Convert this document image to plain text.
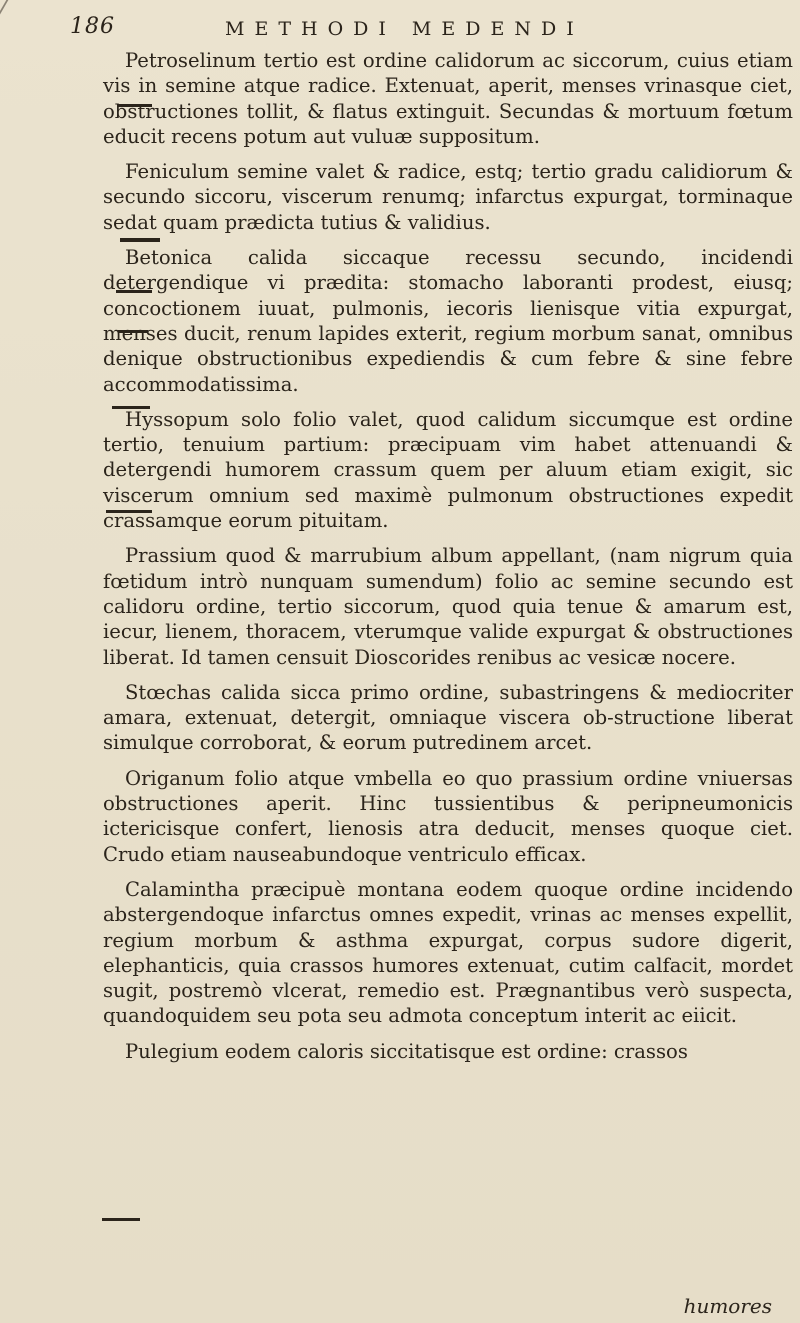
186	METHODI MEDENDI

Petroselinum tertio est ordine calidorum ac siccorum, cuius etiam vis in semine atque radice. Extenuat, aperit, menses vrinasque ciet, obstructiones tollit, & flatus extinguit. Secundas & mortuum fœtum educit recens potum aut vuluæ suppositum.

Feniculum semine valet & radice, estq; tertio gradu calidiorum & secundo siccoru, viscerum renumq; infarctus expurgat, torminaque sedat quam prædicta tutius & validius.

Betonica calida siccaque recessu secundo, incidendi detergendique vi prædita: stomacho laboranti prodest, eiusq; concoctionem iuuat, pulmonis, iecoris lienisque vitia expurgat, menses ducit, renum lapides exterit, regium morbum sanat, omnibus denique obstructionibus expediendis & cum febre & sine febre accommodatissima.

Hyssopum solo folio valet, quod calidum siccumque est ordine tertio, tenuium partium: præcipuam vim habet attenuandi & detergendi humorem crassum quem per aluum etiam exigit, sic viscerum omnium sed maximè pulmonum obstructiones expedit crassamque eorum pituitam.

Prassium quod & marrubium album appellant, (nam nigrum quia fœtidum intrò nunquam sumendum) folio ac semine secundo est calidoru ordine, tertio siccorum, quod quia tenue & amarum est, iecur, lienem, thoracem, vterumque valide expurgat & obstructiones liberat. Id tamen censuit Dioscorides renibus ac vesicæ nocere.

Stœchas calida sicca primo ordine, subastringens & mediocriter amara, extenuat, detergit, omniaque viscera ob-structione liberat simulque corroborat, & eorum putredinem arcet.

Origanum folio atque vmbella eo quo prassium ordine vniuersas obstructiones aperit. Hinc tussientibus & peripneumonicis ictericisque confert, lienosis atra deducit, menses quoque ciet. Crudo etiam nauseabundoque ventriculo efficax.

Calamintha præcipuè montana eodem quoque ordine incidendo abstergendoque infarctus omnes expedit, vrinas ac menses expellit, regium morbum & asthma expurgat, corpus sudore digerit, elephanticis, quia crassos humores extenuat, cutim calfacit, mordet sugit, postremò vlcerat, remedio est. Prægnantibus verò suspecta, quandoquidem seu pota seu admota conceptum interit ac eiicit.

Pulegium eodem caloris siccitatisque est ordine: crassos

humores
